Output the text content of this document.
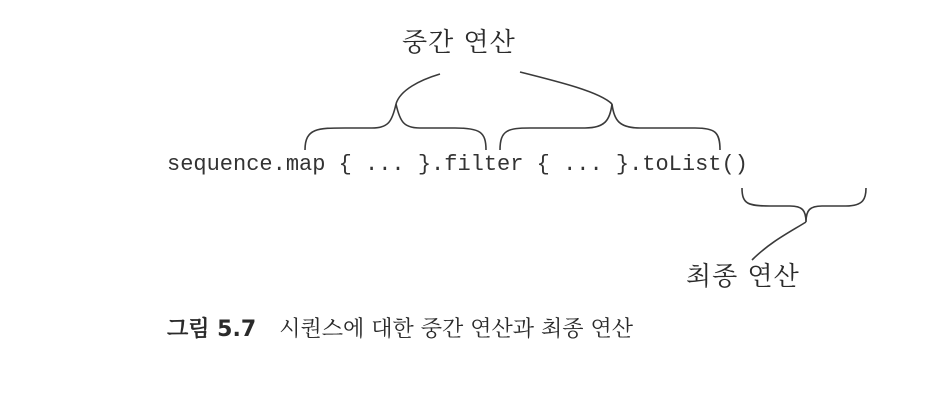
중간 연산
sequence.map { ... }.filter { ... }.toList()
최종 연산
그림 5.7 시퀀스에 대한 중간 연산과 최종 연산
